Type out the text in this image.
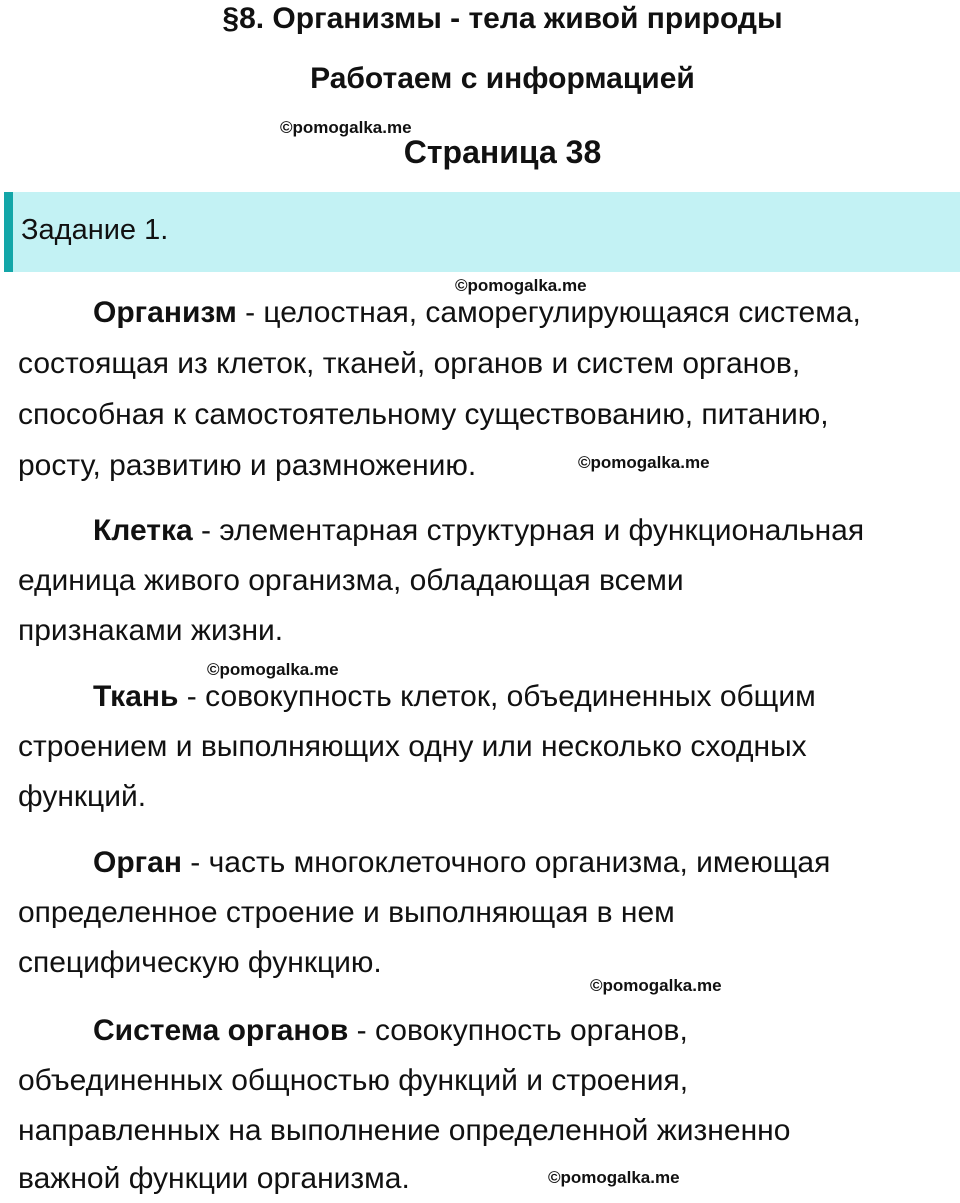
§8. Организмы - тела живой природы
Работаем с информацией
©pomogalka.me
Страница 38
Задание 1.
©pomogalka.me
Организм - целостная, саморегулирующаяся система,
состоящая из клеток, тканей, органов и систем органов,
способная к самостоятельному существованию, питанию,
росту, развитию и размножению.	©pomogalka.me
Клетка - элементарная структурная и функциональная
единица живого организма, обладающая всеми
признаками жизни.
©pomogalka.me
Ткань - совокупность клеток, объединенных общим
строением и выполняющих одну или несколько сходных
функций.
Орган - часть многоклеточного организма, имеющая
определенное строение и выполняющая в нем
специфическую функцию.
©pomogalka.me
Система органов - совокупность органов,
объединенных общностью функций и строения,
направленных на выполнение определенной жизненно
важной функции организма.	©pomogalka.me
